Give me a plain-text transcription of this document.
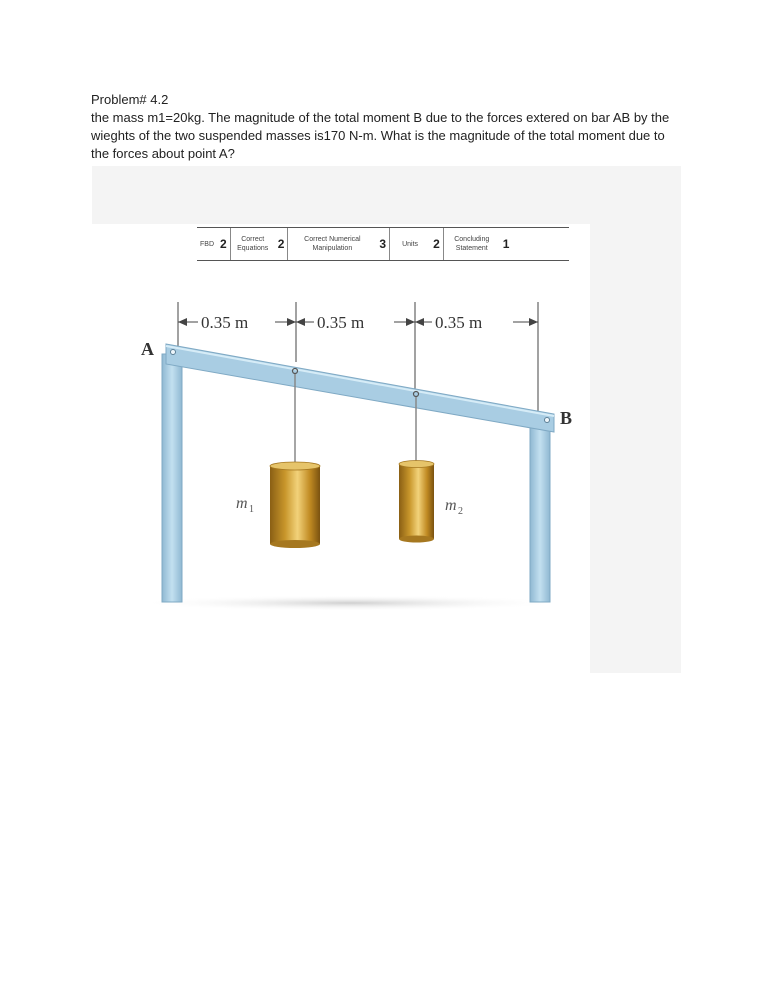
Problem# 4.2
the mass m1=20kg. The magnitude of the total moment B due to the forces extered on bar AB by the wieghts of the two suspended masses is170 N-m. What is the magnitude of the total moment due to the forces about point A?
FBD 2	Correct Equations 2	Correct Numerical Manipulation	3	Units	2	Concluding Statement	1
0.35 m	0.35 m	0.35 m
A
B
m 1	m 2
